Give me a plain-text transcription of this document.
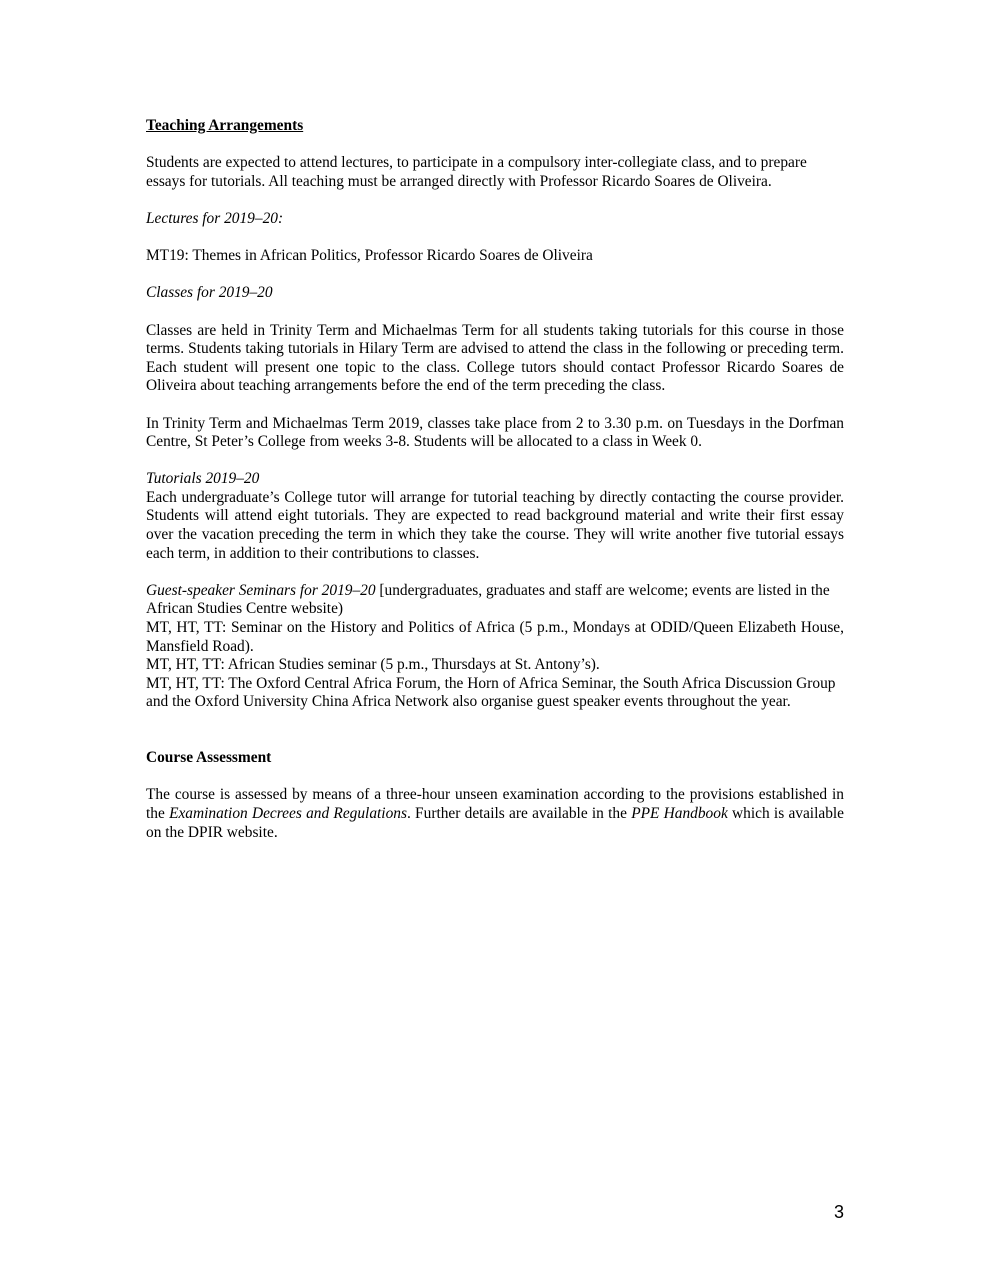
Teaching Arrangements

Students are expected to attend lectures, to participate in a compulsory inter-collegiate class, and to prepare essays for tutorials. All teaching must be arranged directly with Professor Ricardo Soares de Oliveira.

Lectures for 2019–20:

MT19: Themes in African Politics, Professor Ricardo Soares de Oliveira

Classes for 2019–20

Classes are held in Trinity Term and Michaelmas Term for all students taking tutorials for this course in those terms. Students taking tutorials in Hilary Term are advised to attend the class in the following or preceding term. Each student will present one topic to the class. College tutors should contact Professor Ricardo Soares de Oliveira about teaching arrangements before the end of the term preceding the class.

In Trinity Term and Michaelmas Term 2019, classes take place from 2 to 3.30 p.m. on Tuesdays in the Dorfman Centre, St Peter’s College from weeks 3-8. Students will be allocated to a class in Week 0.

Tutorials 2019–20

Each undergraduate’s College tutor will arrange for tutorial teaching by directly contacting the course provider. Students will attend eight tutorials. They are expected to read background material and write their first essay over the vacation preceding the term in which they take the course. They will write another five tutorial essays each term, in addition to their contributions to classes.

Guest-speaker Seminars for 2019–20 [undergraduates, graduates and staff are welcome; events are listed in the African Studies Centre website)

MT, HT, TT: Seminar on the History and Politics of Africa (5 p.m., Mondays at ODID/Queen Elizabeth House, Mansfield Road).

MT, HT, TT: African Studies seminar (5 p.m., Thursdays at St. Antony’s).

MT, HT, TT: The Oxford Central Africa Forum, the Horn of Africa Seminar, the South Africa Discussion Group and the Oxford University China Africa Network also organise guest speaker events throughout the year.

Course Assessment

The course is assessed by means of a three-hour unseen examination according to the provisions established in the Examination Decrees and Regulations. Further details are available in the PPE Handbook which is available on the DPIR website.

3
